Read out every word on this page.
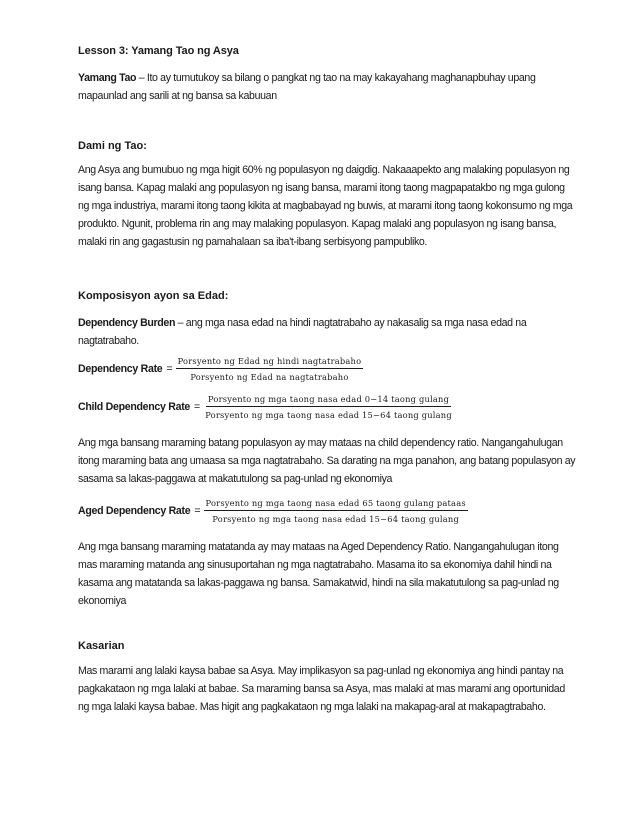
Lesson 3: Yamang Tao ng Asya

Yamang Tao – Ito ay tumutukoy sa bilang o pangkat ng tao na may kakayahang maghanapbuhay upang mapaunlad ang sarili at ng bansa sa kabuuan

Dami ng Tao:

Ang Asya ang bumubuo ng mga higit 60% ng populasyon ng daigdig. Nakaaapekto ang malaking populasyon ng isang bansa. Kapag malaki ang populasyon ng isang bansa, marami itong taong magpapatakbo ng mga gulong ng mga industriya, marami itong taong kikita at magbabayad ng buwis, at marami itong taong kokonsumo ng mga produkto. Ngunit, problema rin ang may malaking populasyon. Kapag malaki ang populasyon ng isang bansa, malaki rin ang gagastusin ng pamahalaan sa iba't-ibang serbisyong pampubliko.

Komposisyon ayon sa Edad:

Dependency Burden – ang mga nasa edad na hindi nagtatrabaho ay nakasalig sa mga nasa edad na nagtatrabaho.

Dependency Rate = $\frac{\text{Porsyento ng Edad ng hindi nagtatrabaho}}{\text{Porsyento ng Edad na nagtatrabaho}}$
Child Dependency Rate = $\frac{\text{Porsyento ng mga taong nasa edad 0−14 taong gulang}}{\text{Porsyento ng mga taong nasa edad 15−64 taong gulang}}$

Ang mga bansang maraming batang populasyon ay may mataas na child dependency ratio. Nangangahulugan itong maraming bata ang umaasa sa mga nagtatrabaho. Sa darating na mga panahon, ang batang populasyon ay sasama sa lakas-paggawa at makatutulong sa pag-unlad ng ekonomiya

Aged Dependency Rate = $\frac{\text{Porsyento ng mga taong nasa edad 65 taong gulang pataas}}{\text{Porsyento ng mga taong nasa edad 15−64 taong gulang}}$

Ang mga bansang maraming matatanda ay may mataas na Aged Dependency Ratio. Nangangahulugan itong mas maraming matanda ang sinusuportahan ng mga nagtatrabaho. Masama ito sa ekonomiya dahil hindi na kasama ang matatanda sa lakas-paggawa ng bansa. Samakatwid, hindi na sila makatutulong sa pag-unlad ng ekonomiya

Kasarian

Mas marami ang lalaki kaysa babae sa Asya. May implikasyon sa pag-unlad ng ekonomiya ang hindi pantay na pagkakataon ng mga lalaki at babae. Sa maraming bansa sa Asya, mas malaki at mas marami ang oportunidad ng mga lalaki kaysa babae. Mas higit ang pagkakataon ng mga lalaki na makapag-aral at makapagtrabaho.
